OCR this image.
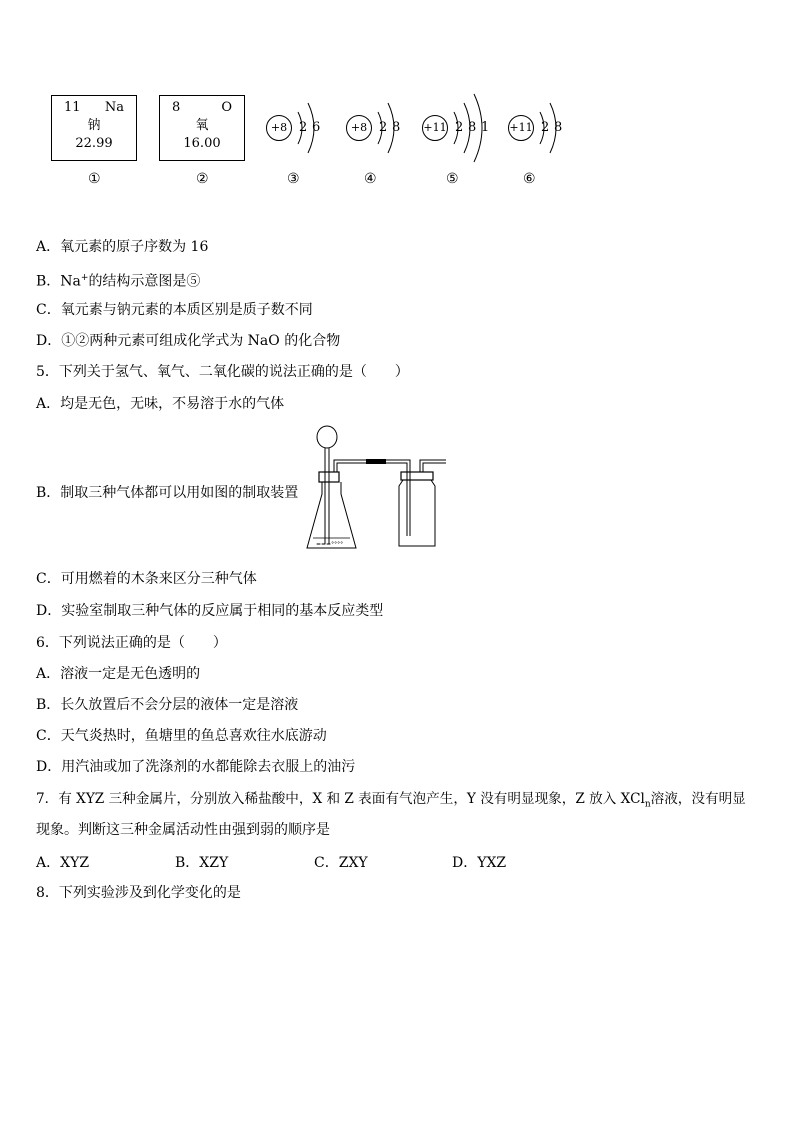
11 Na
钠
22.99
①
8	O
氧
16.00
②
+8 2 6
③
+8 2 8
④
+11 2 8 1
⑤
+11 2 8
⑥
A．氧元素的原子序数为 16
B．Na+的结构示意图是⑤
C．氧元素与钠元素的本质区别是质子数不同
D．①②两种元素可组成化学式为 NaO 的化合物
5．下列关于氢气、氧气、二氧化碳的说法正确的是（　　）
A．均是无色，无味，不易溶于水的气体
B．制取三种气体都可以用如图的制取装置
===°°°°
C．可用燃着的木条来区分三种气体
D．实验室制取三种气体的反应属于相同的基本反应类型
6．下列说法正确的是（　　）
A．溶液一定是无色透明的
B．长久放置后不会分层的液体一定是溶液
C．天气炎热时，鱼塘里的鱼总喜欢往水底游动
D．用汽油或加了洗涤剂的水都能除去衣服上的油污
7．有 XYZ 三种金属片，分别放入稀盐酸中，X 和 Z 表面有气泡产生，Y 没有明显现象，Z 放入 XCl$_n$溶液，没有明显
现象。判断这三种金属活动性由强到弱的顺序是
A．XYZ	B．XZY	C．ZXY	D．YXZ
8．下列实验涉及到化学变化的是
